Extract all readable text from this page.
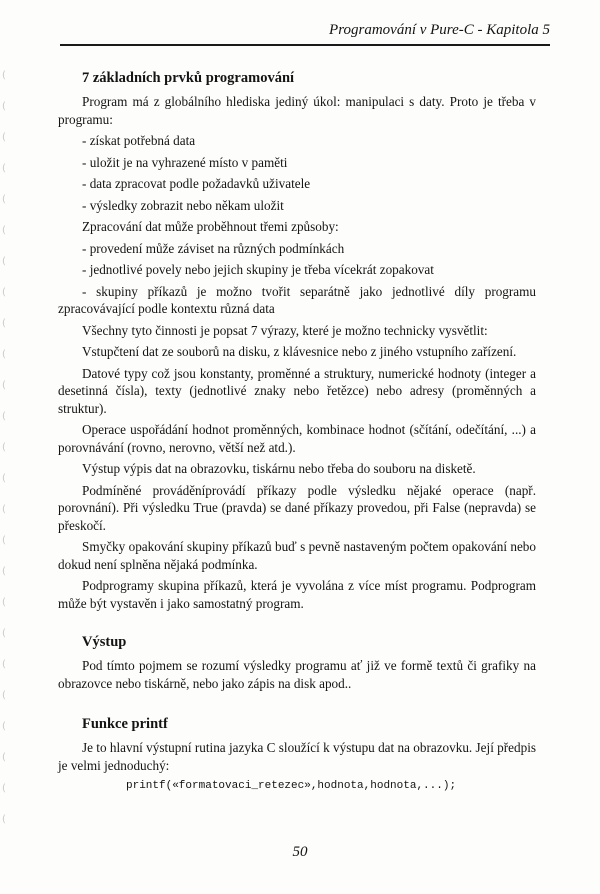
( ( ( ( ( ( ( ( ( ( ( ( ( ( ( ( ( ( ( ( ( ( ( ( (
Programování v Pure-C - Kapitola 5
7 základních prvků programování

Program má z globálního hlediska jediný úkol: manipulaci s daty. Proto je třeba v programu:

- získat potřebná data

- uložit je na vyhrazené místo v paměti

- data zpracovat podle požadavků uživatele

- výsledky zobrazit nebo někam uložit

Zpracování dat může proběhnout třemi způsoby:

- provedení může záviset na různých podmínkách

- jednotlivé povely nebo jejich skupiny je třeba vícekrát zopakovat

- skupiny příkazů je možno tvořit separátně jako jednotlivé díly programu zpracovávající podle kontextu různá data

Všechny tyto činnosti je popsat 7 výrazy, které je možno technicky vysvětlit:

Vstupčtení dat ze souborů na disku, z klávesnice nebo z jiného vstupního zařízení.

Datové typy což jsou konstanty, proměnné a struktury, numerické hodnoty (integer a desetinná čísla), texty (jednotlivé znaky nebo řetězce) nebo adresy (proměnných a struktur).

Operace uspořádání hodnot proměnných, kombinace hodnot (sčítání, odečítání, ...) a porovnávání (rovno, nerovno, větší než atd.).

Výstup výpis dat na obrazovku, tiskárnu nebo třeba do souboru na disketě.

Podmíněné prováděníprovádí příkazy podle výsledku nějaké operace (např. porovnání). Při výsledku True (pravda) se dané příkazy provedou, při False (nepravda) se přeskočí.

Smyčky opakování skupiny příkazů buď s pevně nastaveným počtem opakování nebo dokud není splněna nějaká podmínka.

Podprogramy skupina příkazů, která je vyvolána z více míst programu. Podprogram může být vystavěn i jako samostatný program.

Výstup

Pod tímto pojmem se rozumí výsledky programu ať již ve formě textů či grafiky na obrazovce nebo tiskárně, nebo jako zápis na disk apod..

Funkce printf

Je to hlavní výstupní rutina jazyka C sloužící k výstupu dat na obrazovku. Její předpis je velmi jednoduchý:

printf(«formatovaci_retezec»,hodnota,hodnota,...);
50
